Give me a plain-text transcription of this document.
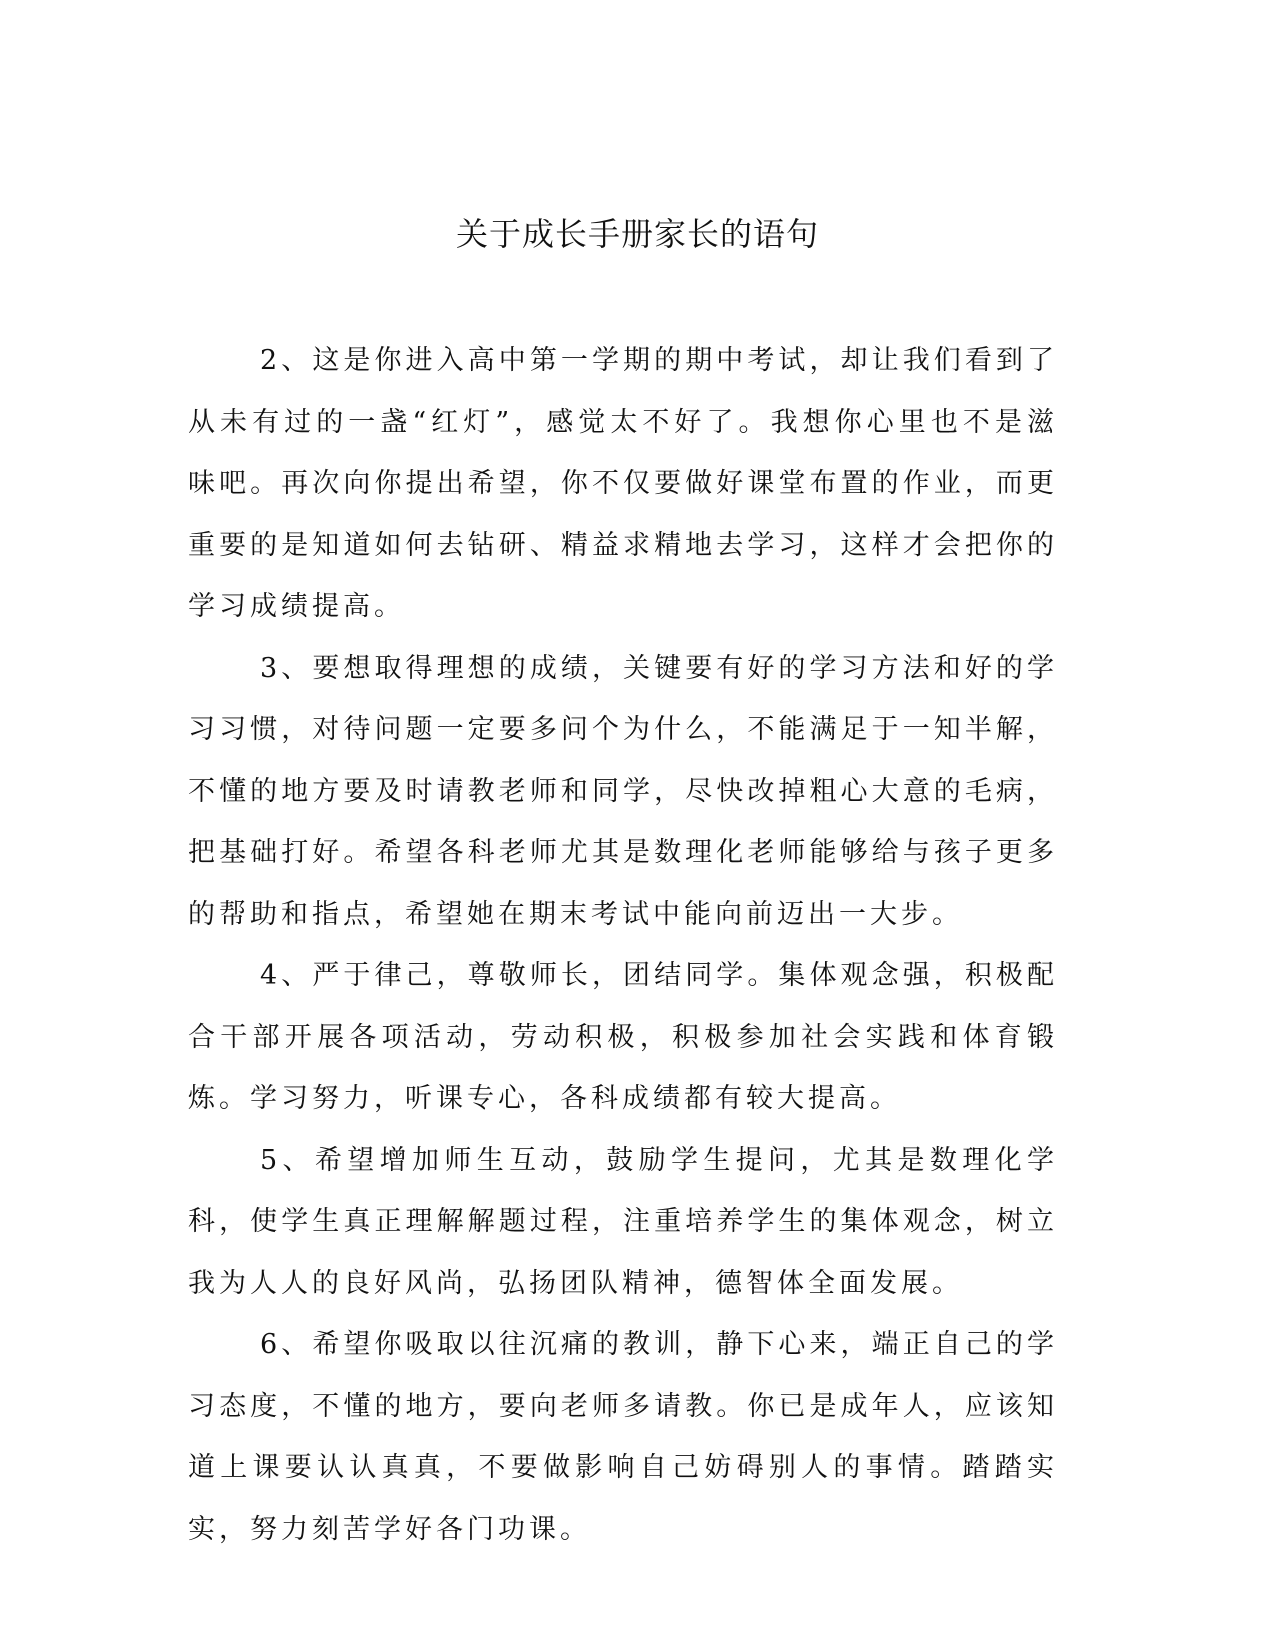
关于成长手册家长的语句

2、这是你进入高中第一学期的期中考试，却让我们看到了从未有过的一盏“红灯”，感觉太不好了。我想你心里也不是滋味吧。再次向你提出希望，你不仅要做好课堂布置的作业，而更重要的是知道如何去钻研、精益求精地去学习，这样才会把你的学习成绩提高。

3、要想取得理想的成绩，关键要有好的学习方法和好的学习习惯，对待问题一定要多问个为什么，不能满足于一知半解，不懂的地方要及时请教老师和同学，尽快改掉粗心大意的毛病，把基础打好。希望各科老师尤其是数理化老师能够给与孩子更多的帮助和指点，希望她在期末考试中能向前迈出一大步。

4、严于律己，尊敬师长，团结同学。集体观念强，积极配合干部开展各项活动，劳动积极，积极参加社会实践和体育锻炼。学习努力，听课专心，各科成绩都有较大提高。

5、希望增加师生互动，鼓励学生提问，尤其是数理化学科，使学生真正理解解题过程，注重培养学生的集体观念，树立我为人人的良好风尚，弘扬团队精神，德智体全面发展。

6、希望你吸取以往沉痛的教训，静下心来，端正自己的学习态度，不懂的地方，要向老师多请教。你已是成年人，应该知道上课要认认真真，不要做影响自己妨碍别人的事情。踏踏实实，努力刻苦学好各门功课。
